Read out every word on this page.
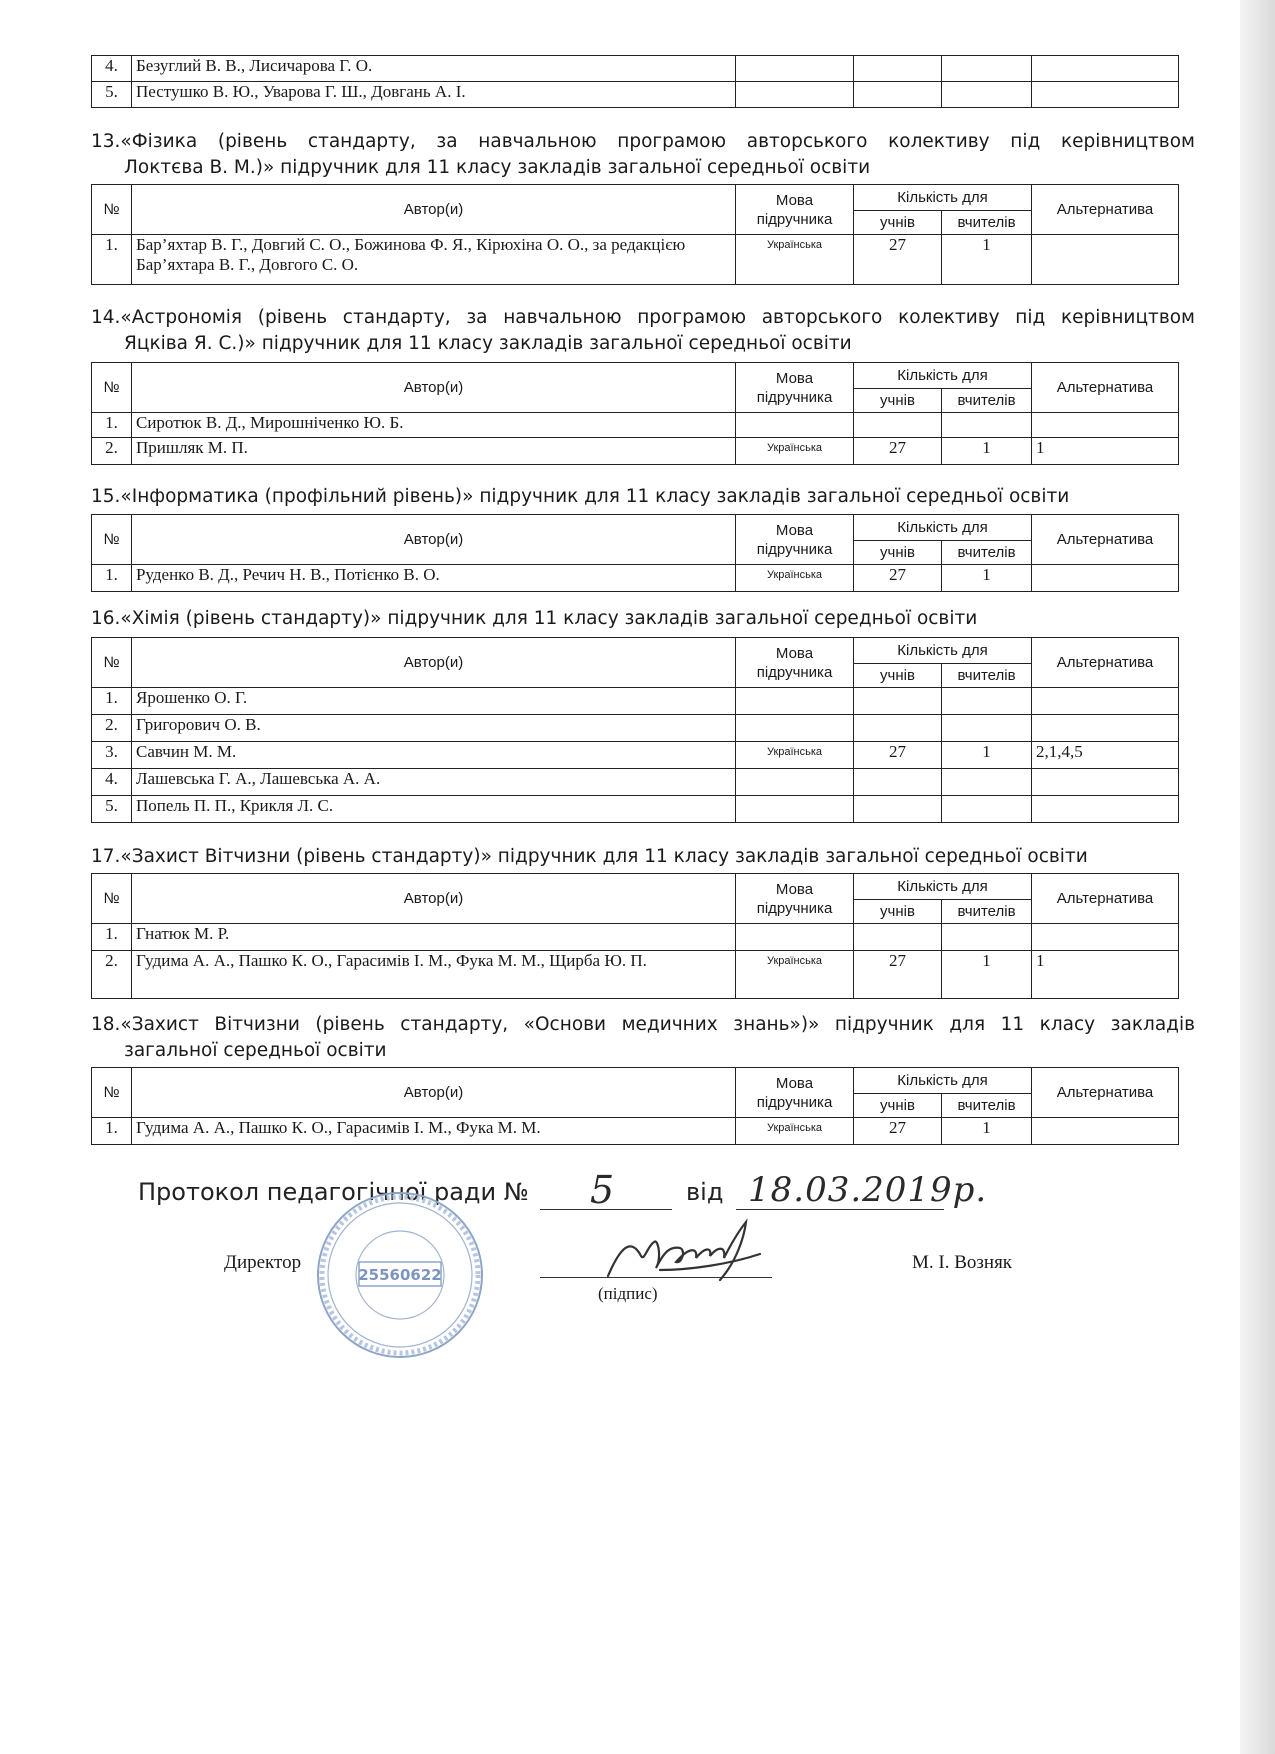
4.	Безуглий В. В., Лисичарова Г. О.				
5.	Пестушко В. Ю., Уварова Г. Ш., Довгань А. І.				
13.«Фізика (рівень стандарту, за навчальною програмою авторського колективу під керівництвом
Локтєва В. М.)» підручник для 11 класу закладів загальної середньої освіти
№	Автор(и)	Мова підручника	Кількість для		Альтернатива
			учнів	вчителів	
1.	Бар’яхтар В. Г., Довгий С. О., Божинова Ф. Я., Кірюхіна О. О., за редакцією Бар’яхтара В. Г., Довгого С. О.	Українська	27	1	
14.«Астрономія (рівень стандарту, за навчальною програмою авторського колективу під керівництвом
Яцківа Я. С.)» підручник для 11 класу закладів загальної середньої освіти
№	Автор(и)	Мова підручника	Кількість для		Альтернатива
			учнів	вчителів	
1.	Сиротюк В. Д., Мирошніченко Ю. Б.				
2.	Пришляк М. П.	Українська	27	1	1
15.«Інформатика (профільний рівень)» підручник для 11 класу закладів загальної середньої освіти
№	Автор(и)	Мова підручника	Кількість для		Альтернатива
			учнів	вчителів	
1.	Руденко В. Д., Речич Н. В., Потієнко В. О.	Українська	27	1	
16.«Хімія (рівень стандарту)» підручник для 11 класу закладів загальної середньої освіти
№	Автор(и)	Мова підручника	Кількість для		Альтернатива
			учнів	вчителів	
1.	Ярошенко О. Г.				
2.	Григорович О. В.				
3.	Савчин М. М.	Українська	27	1	2,1,4,5
4.	Лашевська Г. А., Лашевська А. А.				
5.	Попель П. П., Крикля Л. С.				
17.«Захист Вітчизни (рівень стандарту)» підручник для 11 класу закладів загальної середньої освіти
№	Автор(и)	Мова підручника	Кількість для		Альтернатива
			учнів	вчителів	
1.	Гнатюк М. Р.				
2.	Гудима А. А., Пашко К. О., Гарасимів І. М., Фука М. М., Щирба Ю. П.	Українська	27	1	1
18.«Захист Вітчизни (рівень стандарту, «Основи медичних знань»)» підручник для 11 класу закладів
загальної середньої освіти
№	Автор(и)	Мова підручника	Кількість для		Альтернатива
			учнів	вчителів	
1.	Гудима А. А., Пашко К. О., Гарасимів І. М., Фука М. М.	Українська	27	1	
Протокол педагогічної ради № 5	від 18.03.2019р.
Директор
(підпис)
М. І. Возняк
25560622
